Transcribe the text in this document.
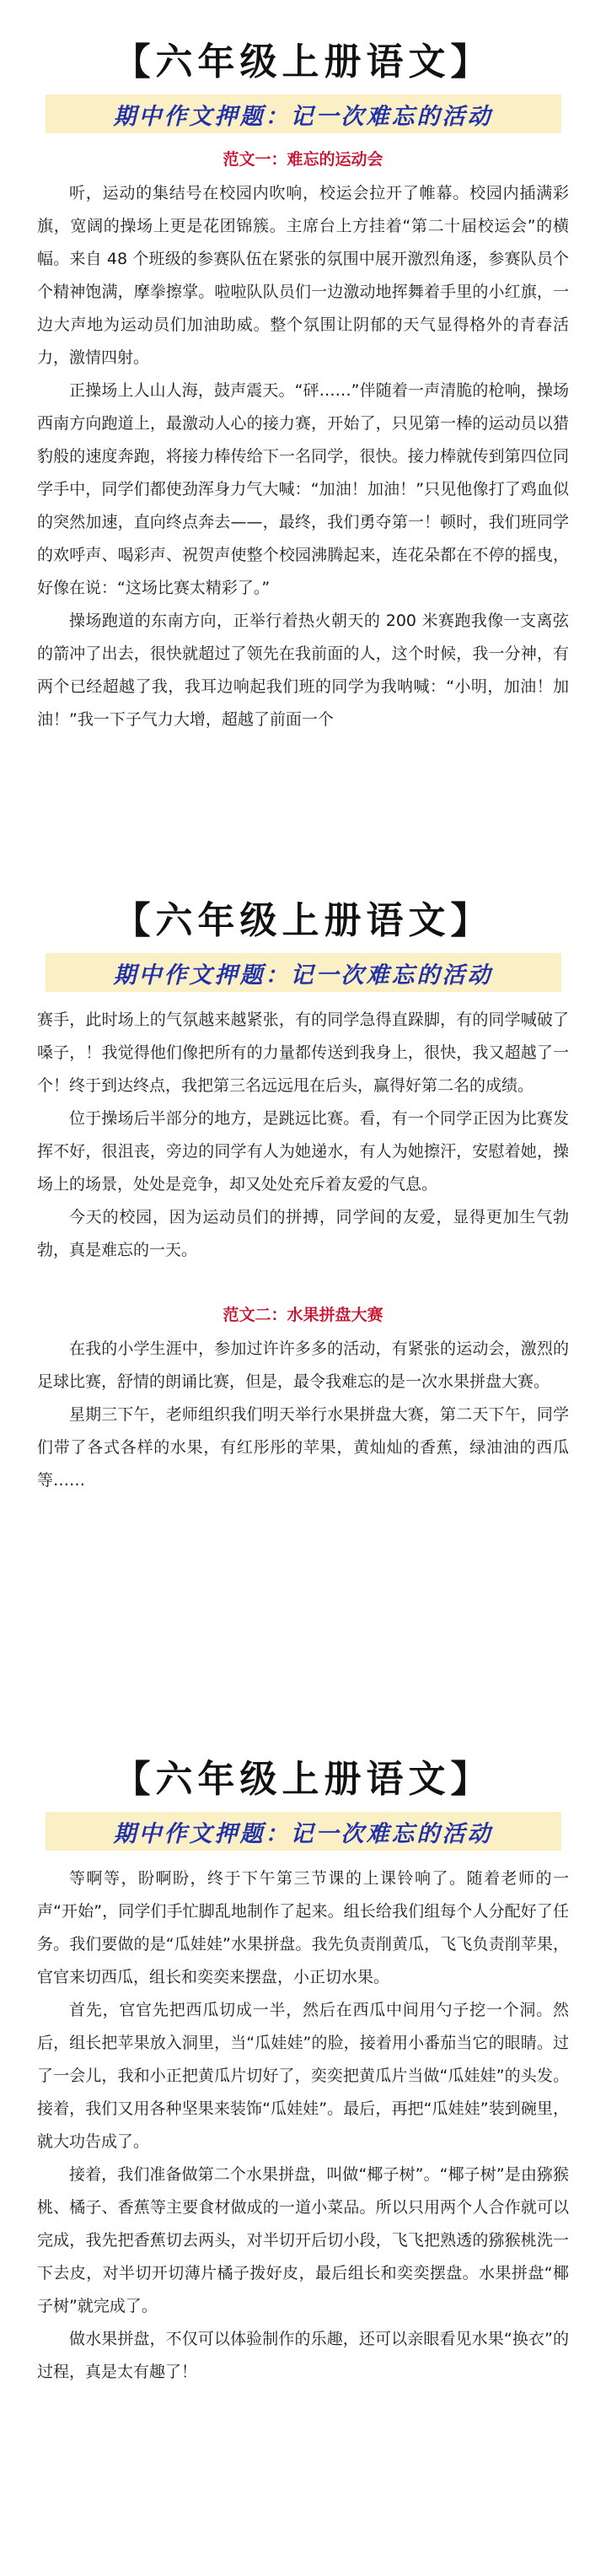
【六年级上册语文】
期中作文押题：记一次难忘的活动
范文一：难忘的运动会

听，运动的集结号在校园内吹响，校运会拉开了帷幕。校园内插满彩旗，宽阔的操场上更是花团锦簇。主席台上方挂着“第二十届校运会”的横幅。来自 48 个班级的参赛队伍在紧张的氛围中展开激烈角逐，参赛队员个个精神饱满，摩拳擦掌。啦啦队队员们一边激动地挥舞着手里的小红旗，一边大声地为运动员们加油助威。整个氛围让阴郁的天气显得格外的青春活力，激情四射。

正操场上人山人海，鼓声震天。“砰……”伴随着一声清脆的枪响，操场西南方向跑道上，最激动人心的接力赛，开始了，只见第一棒的运动员以猎豹般的速度奔跑，将接力棒传给下一名同学，很快。接力棒就传到第四位同学手中，同学们都使劲浑身力气大喊：“加油！加油！”只见他像打了鸡血似的突然加速，直向终点奔去——，最终，我们勇夺第一！顿时，我们班同学的欢呼声、喝彩声、祝贺声使整个校园沸腾起来，连花朵都在不停的摇曳，好像在说：“这场比赛太精彩了。”

操场跑道的东南方向，正举行着热火朝天的 200 米赛跑我像一支离弦的箭冲了出去，很快就超过了领先在我前面的人，这个时候，我一分神，有两个已经超越了我，我耳边响起我们班的同学为我呐喊：“小明，加油！加油！”我一下子气力大增，超越了前面一个

【六年级上册语文】
期中作文押题：记一次难忘的活动

赛手，此时场上的气氛越来越紧张，有的同学急得直跺脚，有的同学喊破了嗓子，！我觉得他们像把所有的力量都传送到我身上，很快，我又超越了一个！终于到达终点，我把第三名远远甩在后头，赢得好第二名的成绩。

位于操场后半部分的地方，是跳远比赛。看，有一个同学正因为比赛发挥不好，很沮丧，旁边的同学有人为她递水，有人为她擦汗，安慰着她，操场上的场景，处处是竞争，却又处处充斥着友爱的气息。

今天的校园，因为运动员们的拼搏，同学间的友爱，显得更加生气勃勃，真是难忘的一天。

范文二：水果拼盘大赛

在我的小学生涯中，参加过许许多多的活动，有紧张的运动会，激烈的足球比赛，舒情的朗诵比赛，但是，最令我难忘的是一次水果拼盘大赛。

星期三下午，老师组织我们明天举行水果拼盘大赛，第二天下午，同学们带了各式各样的水果，有红彤彤的苹果，黄灿灿的香蕉，绿油油的西瓜等……

【六年级上册语文】
期中作文押题：记一次难忘的活动

等啊等，盼啊盼，终于下午第三节课的上课铃响了。随着老师的一声“开始”，同学们手忙脚乱地制作了起来。组长给我们组每个人分配好了任务。我们要做的是“瓜娃娃”水果拼盘。我先负责削黄瓜，飞飞负责削苹果，官官来切西瓜，组长和奕奕来摆盘，小正切水果。

首先，官官先把西瓜切成一半，然后在西瓜中间用勺子挖一个洞。然后，组长把苹果放入洞里，当“瓜娃娃”的脸，接着用小番茄当它的眼睛。过了一会儿，我和小正把黄瓜片切好了，奕奕把黄瓜片当做“瓜娃娃”的头发。接着，我们又用各种坚果来装饰“瓜娃娃”。最后，再把“瓜娃娃”装到碗里，就大功告成了。

接着，我们准备做第二个水果拼盘，叫做“椰子树”。“椰子树”是由猕猴桃、橘子、香蕉等主要食材做成的一道小菜品。所以只用两个人合作就可以完成，我先把香蕉切去两头，对半切开后切小段，飞飞把熟透的猕猴桃洗一下去皮，对半切开切薄片橘子拨好皮，最后组长和奕奕摆盘。水果拼盘“椰子树”就完成了。

做水果拼盘，不仅可以体验制作的乐趣，还可以亲眼看见水果“换衣”的过程，真是太有趣了！
